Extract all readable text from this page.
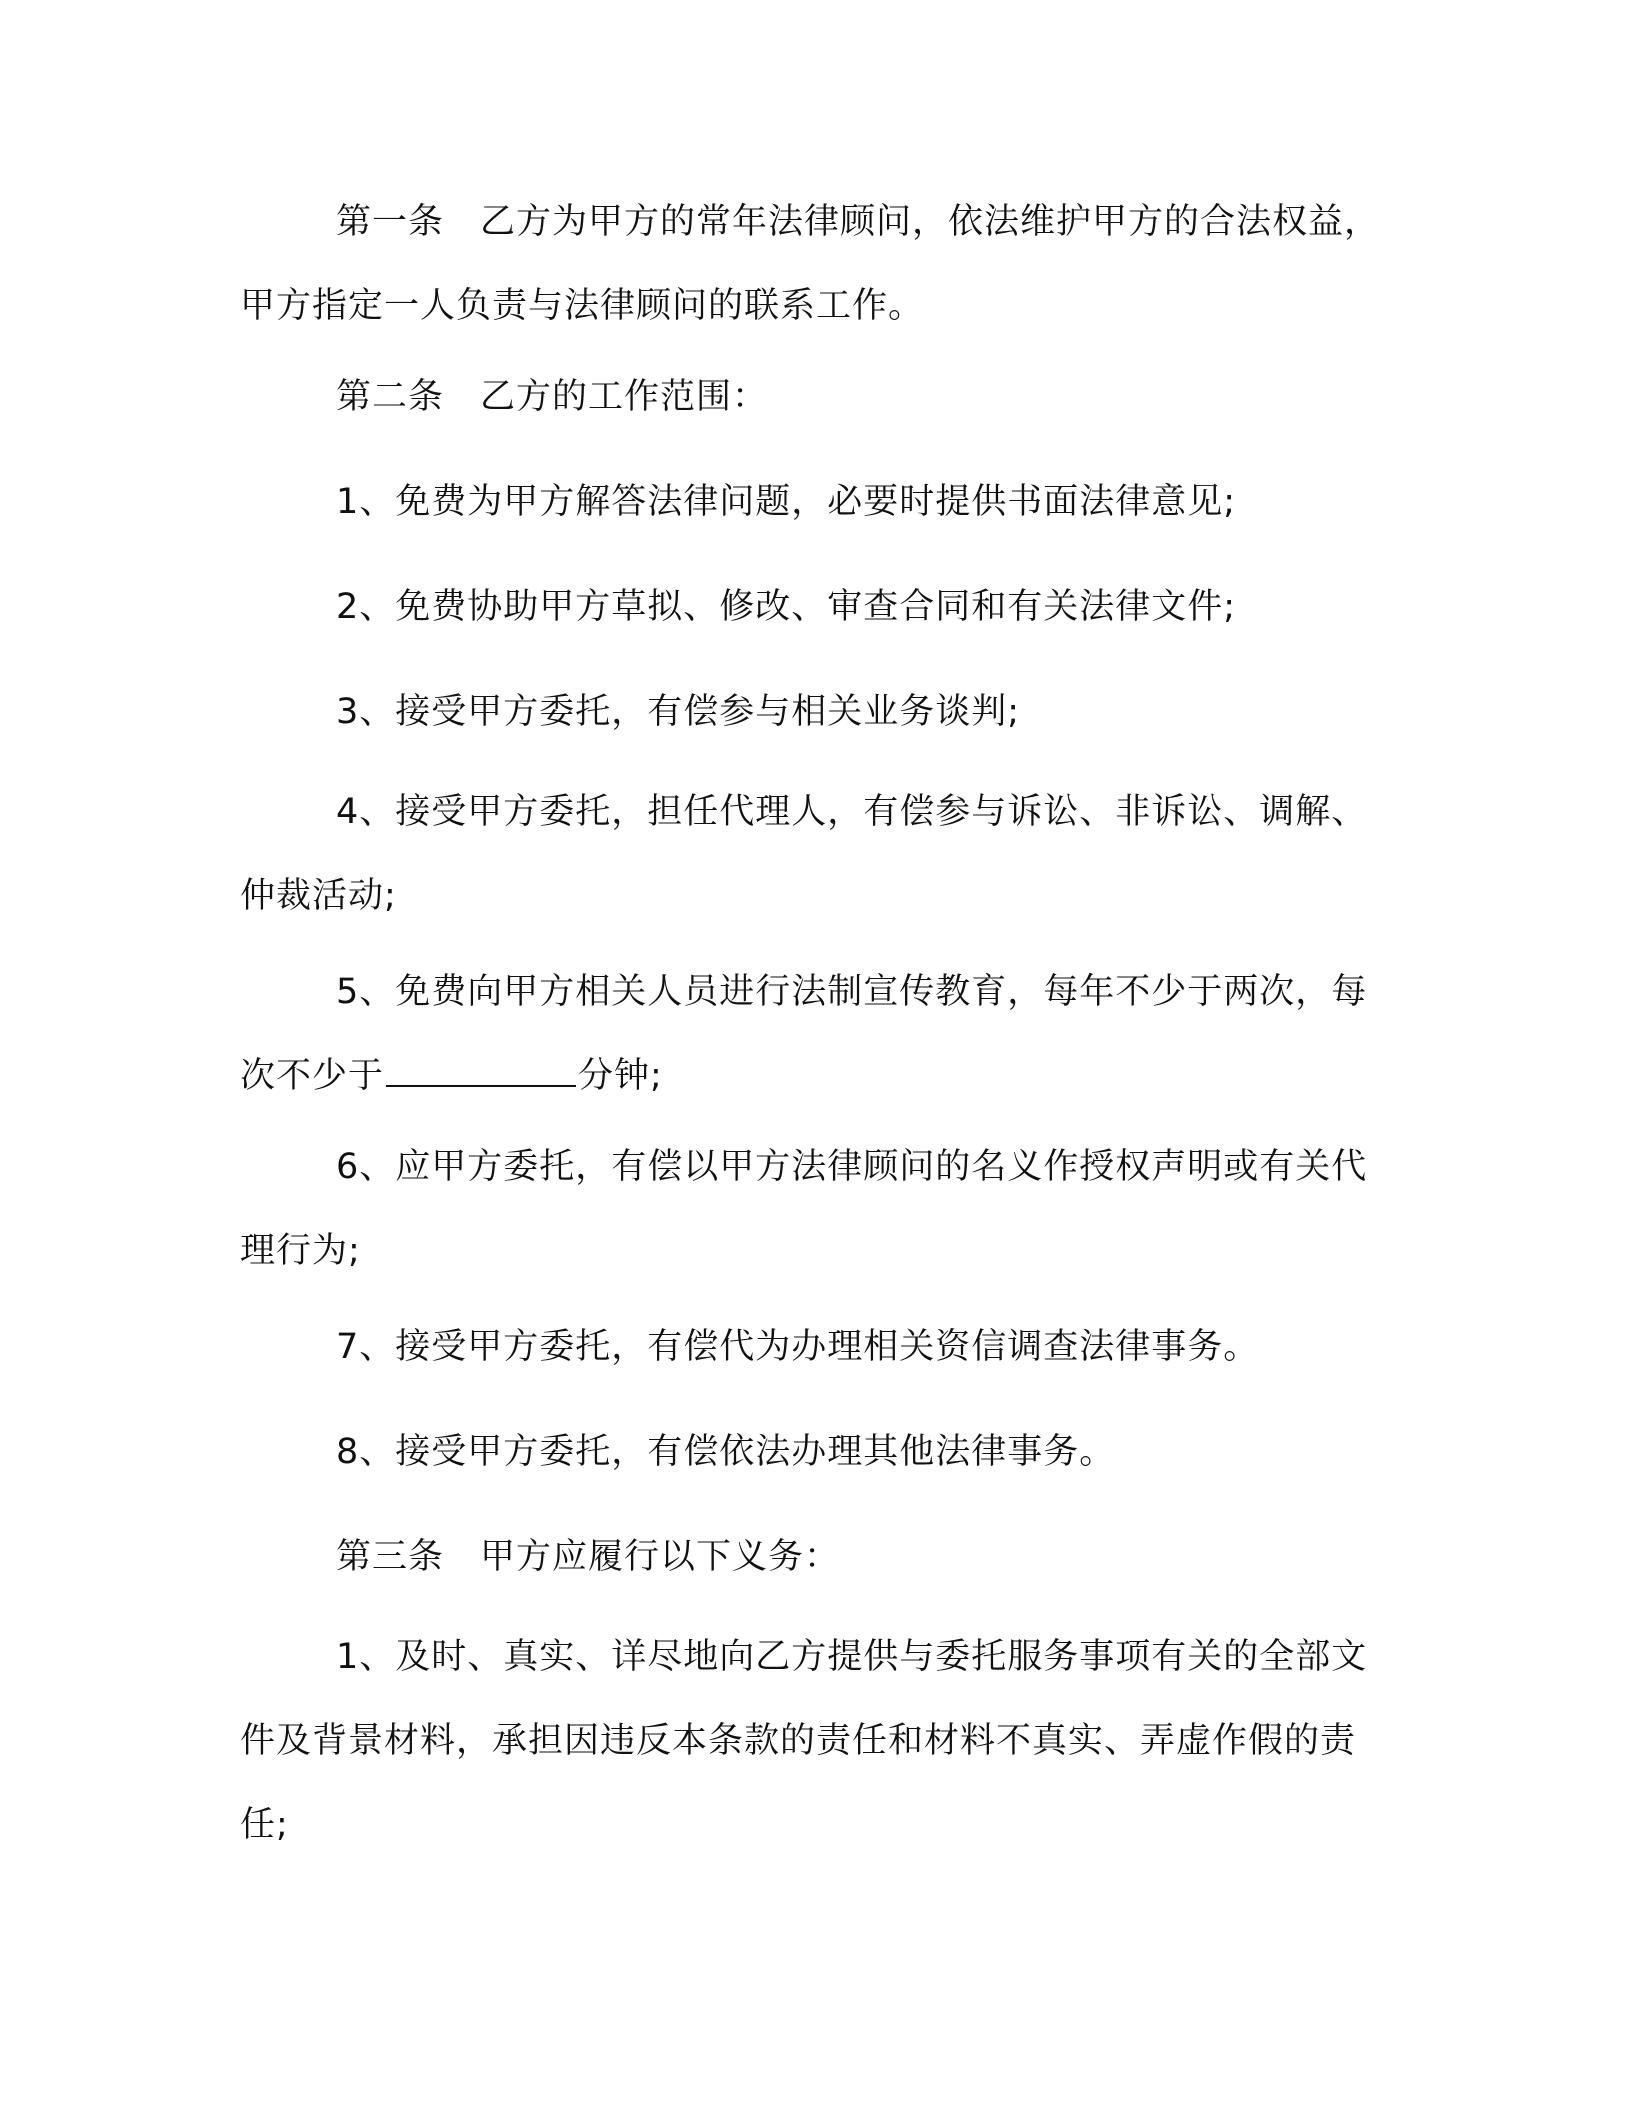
第一条　乙方为甲方的常年法律顾问，依法维护甲方的合法权益，甲方指定一人负责与法律顾问的联系工作。

第二条　乙方的工作范围：

1、免费为甲方解答法律问题，必要时提供书面法律意见;

2、免费协助甲方草拟、修改、审查合同和有关法律文件;

3、接受甲方委托，有偿参与相关业务谈判;

4、接受甲方委托，担任代理人，有偿参与诉讼、非诉讼、调解、仲裁活动;

5、免费向甲方相关人员进行法制宣传教育，每年不少于两次，每次不少于	分钟;

6、应甲方委托，有偿以甲方法律顾问的名义作授权声明或有关代理行为;

7、接受甲方委托，有偿代为办理相关资信调查法律事务。

8、接受甲方委托，有偿依法办理其他法律事务。

第三条　甲方应履行以下义务：

1、及时、真实、详尽地向乙方提供与委托服务事项有关的全部文件及背景材料，承担因违反本条款的责任和材料不真实、弄虚作假的责任;
